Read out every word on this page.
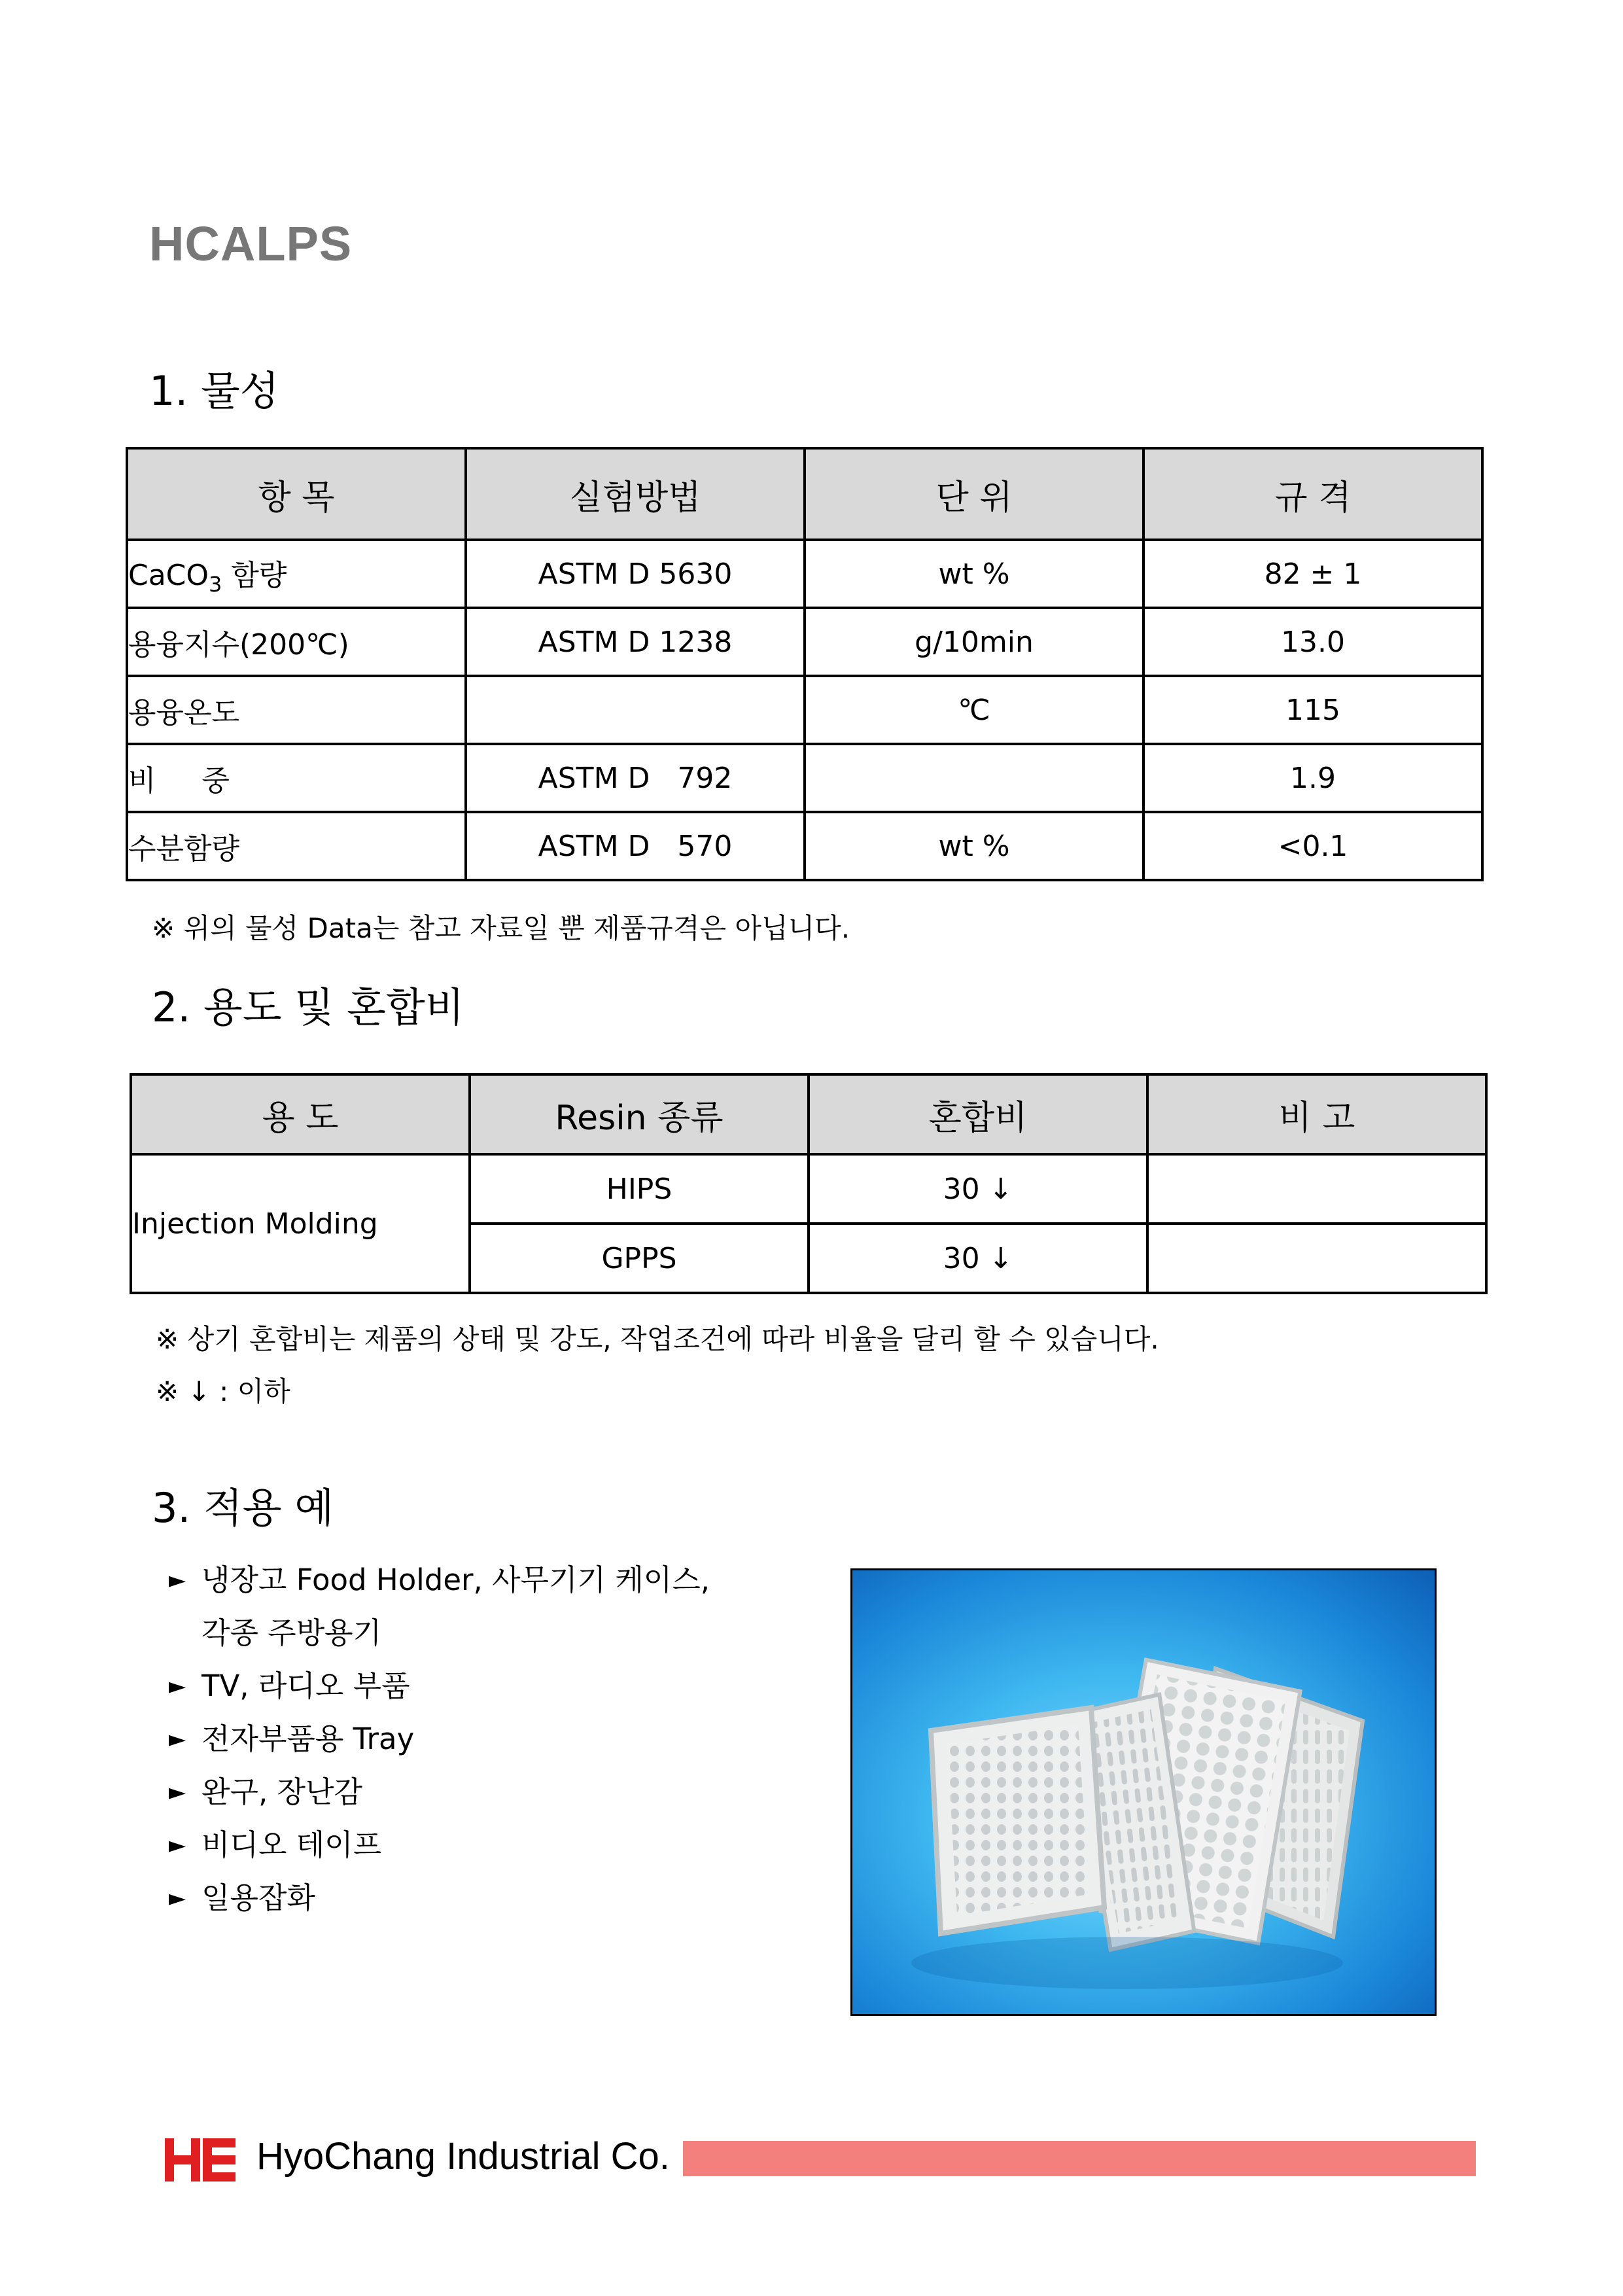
HCALPS
1. 물성
항 목	실험방법	단 위	규 격
CaCO$_3$ 함량	ASTM D 5630	wt %	82 ± 1
용융지수(200℃)	ASTM D 1238	g/10min	13.0
용융온도		℃	115
비     중	ASTM D   792		1.9
수분함량	ASTM D   570	wt %	<0.1
※ 위의 물성 Data는 참고 자료일 뿐 제품규격은 아닙니다.
2. 용도 및 혼합비
용 도	Resin 종류	혼합비	비 고
Injection Molding	HIPS	30 ↓	
	GPPS	30 ↓	
※ 상기 혼합비는 제품의 상태 및 강도, 작업조건에 따라 비율을 달리 할 수 있습니다.
※ ↓ : 이하
3. 적용 예
► 냉장고 Food Holder, 사무기기 케이스,
각종 주방용기
► TV, 라디오 부품
► 전자부품용 Tray
► 완구, 장난감
► 비디오 테이프
► 일용잡화
HyoChang Industrial Co.
